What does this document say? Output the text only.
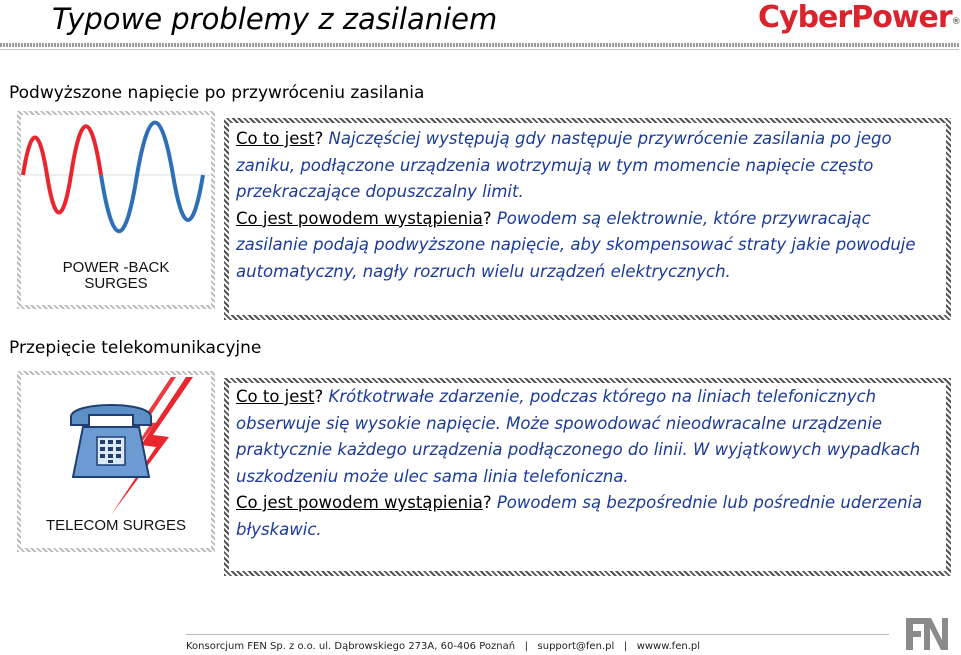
Typowe problemy z zasilaniem	CyberPower®
Podwyższone napięcie po przywróceniu zasilania
POWER -BACK
SURGES
Co to jest? Najczęściej występują gdy następuje przywrócenie zasilania po jego zaniku, podłączone urządzenia wotrzymują w tym momencie napięcie często przekraczające dopuszczalny limit.
Co jest powodem wystąpienia? Powodem są elektrownie, które przywracając zasilanie podają podwyższone napięcie, aby skompensować straty jakie powoduje automatyczny, nagły rozruch wielu urządzeń elektrycznych.
Przepięcie telekomunikacyjne
TELECOM SURGES
Co to jest? Krótkotrwałe zdarzenie, podczas którego na liniach telefonicznych obserwuje się wysokie napięcie. Może spowodować nieodwracalne urządzenie praktycznie każdego urządzenia podłączonego do linii. W wyjątkowych wypadkach uszkodzeniu może ulec sama linia telefoniczna.
Co jest powodem wystąpienia? Powodem są bezpośrednie lub pośrednie uderzenia błyskawic.
Konsorcjum FEN Sp. z o.o. ul. Dąbrowskiego 273A, 60-406 Poznań | support@fen.pl | wwww.fen.pl
FEN
